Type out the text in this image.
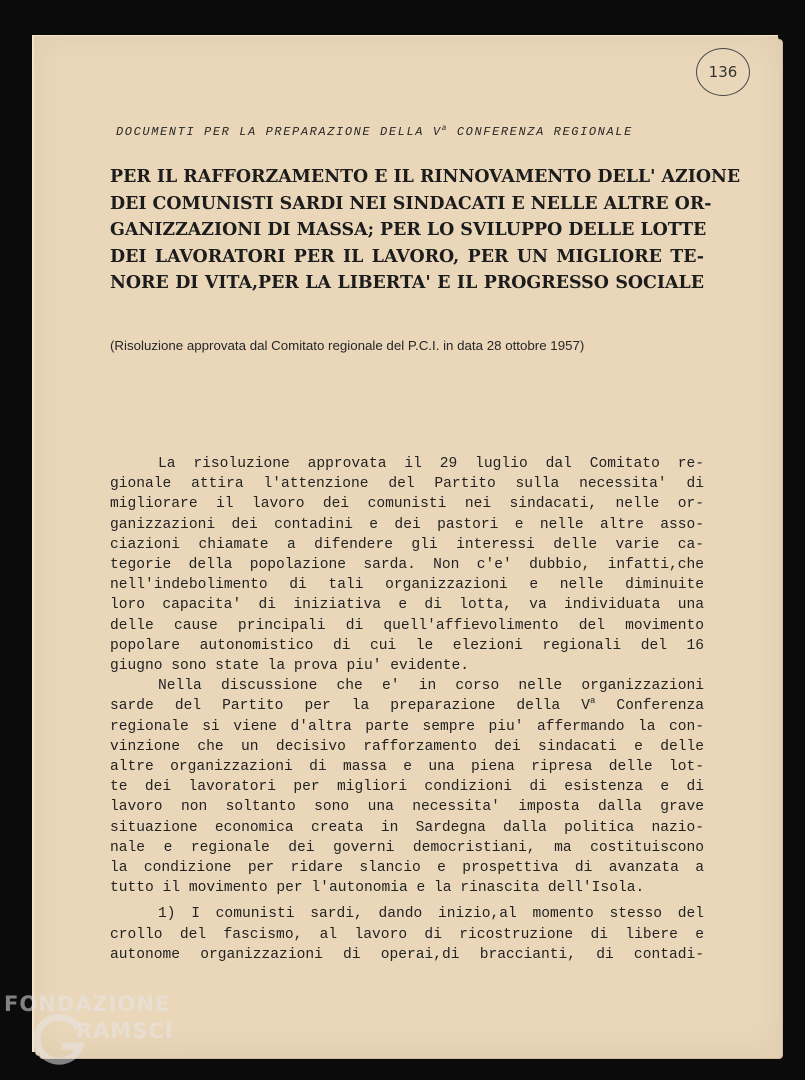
136
DOCUMENTI PER LA PREPARAZIONE DELLA $V^a$ CONFERENZA REGIONALE
PER IL RAFFORZAMENTO E IL RINNOVAMENTO DELL' AZIONE
DEI COMUNISTI SARDI NEI SINDACATI E NELLE ALTRE OR-
GANIZZAZIONI DI MASSA; PER LO SVILUPPO DELLE LOTTE
DEI LAVORATORI PER IL LAVORO, PER UN MIGLIORE TE-
NORE DI VITA,PER LA LIBERTA' E IL PROGRESSO SOCIALE
(Risoluzione approvata dal Comitato regionale del P.C.I. in data 28 ottobre 1957)
La risoluzione approvata il 29 luglio dal Comitato re-
gionale attira l'attenzione del Partito sulla necessita' di
migliorare il lavoro dei comunisti nei sindacati, nelle or-
ganizzazioni dei contadini e dei pastori e nelle altre asso-
ciazioni chiamate a difendere gli interessi delle varie ca-
tegorie della popolazione sarda. Non c'e' dubbio, infatti,che
nell'indebolimento di tali organizzazioni e nelle diminuite
loro capacita' di iniziativa e di lotta, va individuata una
delle cause principali di quell'affievolimento del movimento
popolare autonomistico di cui le elezioni regionali del 16
giugno sono state la prova piu' evidente.
Nella discussione che e' in corso nelle organizzazioni
sarde del Partito per la preparazione della $V^a$ Conferenza
regionale si viene d'altra parte sempre piu' affermando la con-
vinzione che un decisivo rafforzamento dei sindacati e delle
altre organizzazioni di massa e una piena ripresa delle lot-
te dei lavoratori per migliori condizioni di esistenza e di
lavoro non soltanto sono una necessita' imposta dalla grave
situazione economica creata in Sardegna dalla politica nazio-
nale e regionale dei governi democristiani, ma costituiscono
la condizione per ridare slancio e prospettiva di avanzata a
tutto il movimento per l'autonomia e la rinascita dell'Isola.
1) I comunisti sardi, dando inizio,al momento stesso del
crollo del fascismo, al lavoro di ricostruzione di libere e
autonome organizzazioni di operai,di braccianti, di contadi-
FONDAZIONE
RAMSCI
onlus
